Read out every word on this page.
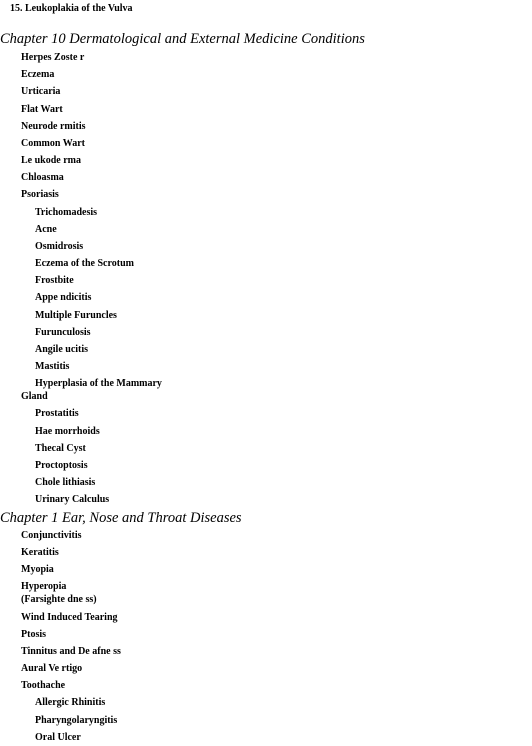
15. Leukoplakia of the Vulva
Chapter 10 Dermatological and External Medicine Conditions
Herpes Zoste r
Eczema
Urticaria
Flat Wart
Neurode rmitis
Common Wart
Le ukode rma
Chloasma
Psoriasis
Trichomadesis
Acne
Osmidrosis
Eczema of the Scrotum
Frostbite
Appe ndicitis
Multiple Furuncles
Furunculosis
Angile ucitis
Mastitis
Hyperplasia of the Mammary
Gland
Prostatitis
Hae morrhoids
Thecal Cyst
Proctoptosis
Chole lithiasis
Urinary Calculus
Chapter 1 Ear, Nose and Throat Diseases
Conjunctivitis
Keratitis
Myopia
Hyperopia
(Farsighte dne ss)
Wind Induced Tearing
Ptosis
Tinnitus and De afne ss
Aural Ve rtigo
Toothache
Allergic Rhinitis
Pharyngolaryngitis
Oral Ulcer
